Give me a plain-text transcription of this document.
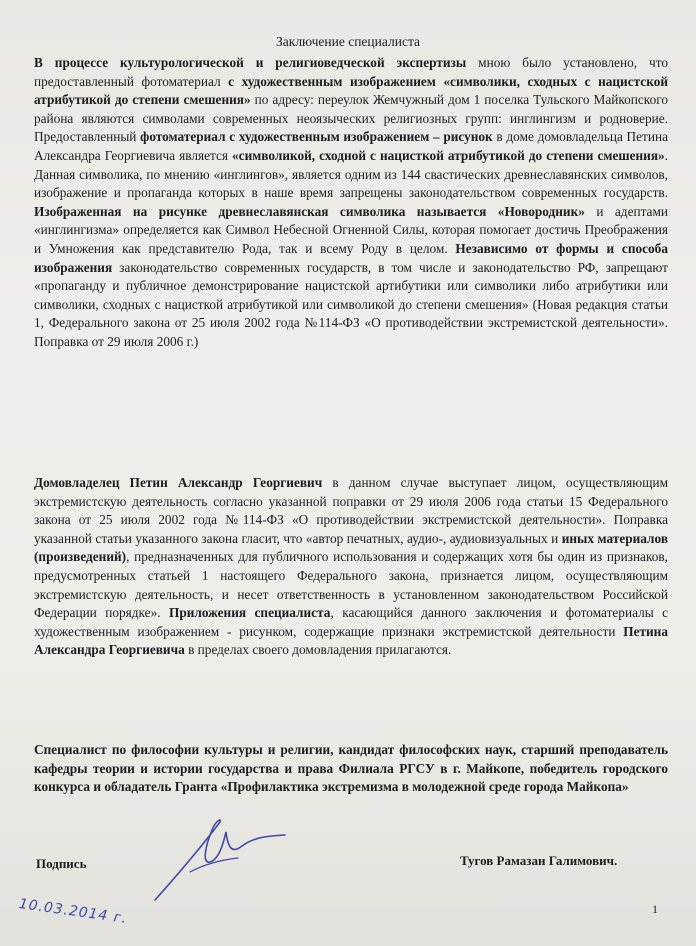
Заключение специалиста
В процессе культурологической и религиоведческой экспертизы мною было установлено, что предоставленный фотоматериал с художественным изображением «символики, сходных с нацистской атрибутикой до степени смешения» по адресу: переулок Жемчужный дом 1 поселка Тульского Майкопского района являются символами современных неоязыческих религиозных групп: инглингизм и родноверие. Предоставленный фотоматериал с художественным изображением – рисунок в доме домовладельца Петина Александра Георгиевича является «символикой, сходной с нацисткой атрибутикой до степени смешения». Данная символика, по мнению «инглингов», является одним из 144 свастических древнеславянских символов, изображение и пропаганда которых в наше время запрещены законодательством современных государств. Изображенная на рисунке древнеславянская символика называется «Новородник» и адептами «инглингизма» определяется как Символ Небесной Огненной Силы, которая помогает достичь Преображения и Умножения как представителю Рода, так и всему Роду в целом. Независимо от формы и способа изображения законодательство современных государств, в том числе и законодательство РФ, запрещают «пропаганду и публичное демонстрирование нацистской артибутики или символики либо атрибутики или символики, сходных с нацисткой атрибутикой или символикой до степени смешения» (Новая редакция статьи 1, Федерального закона от 25 июля 2002 года №114-ФЗ «О противодействии экстремистской деятельности». Поправка от 29 июля 2006 г.)
Домовладелец Петин Александр Георгиевич в данном случае выступает лицом, осуществляющим экстремистскую деятельность согласно указанной поправки от 29 июля 2006 года статьи 15 Федерального закона от 25 июля 2002 года №114-ФЗ «О противодействии экстремистской деятельности». Поправка указанной статьи указанного закона гласит, что «автор печатных, аудио-, аудиовизуальных и иных материалов (произведений), предназначенных для публичного использования и содержащих хотя бы один из признаков, предусмотренных статьей 1 настоящего Федерального закона, признается лицом, осуществляющим экстремистскую деятельность, и несет ответственность в установленном законодательством Российской Федерации порядке». Приложения специалиста, касающийся данного заключения и фотоматериалы с художественным изображением - рисунком, содержащие признаки экстремистской деятельности Петина Александра Георгиевича в пределах своего домовладения прилагаются.
Специалист по философии культуры и религии, кандидат философских наук, старший преподаватель кафедры теории и истории государства и права Филиала РГСУ в г. Майкопе, победитель городского конкурса и обладатель Гранта «Профилактика экстремизма в молодежной среде города Майкопа»
Подпись	Тугов Рамазан Галимович.
10.03.2014 г.	1
